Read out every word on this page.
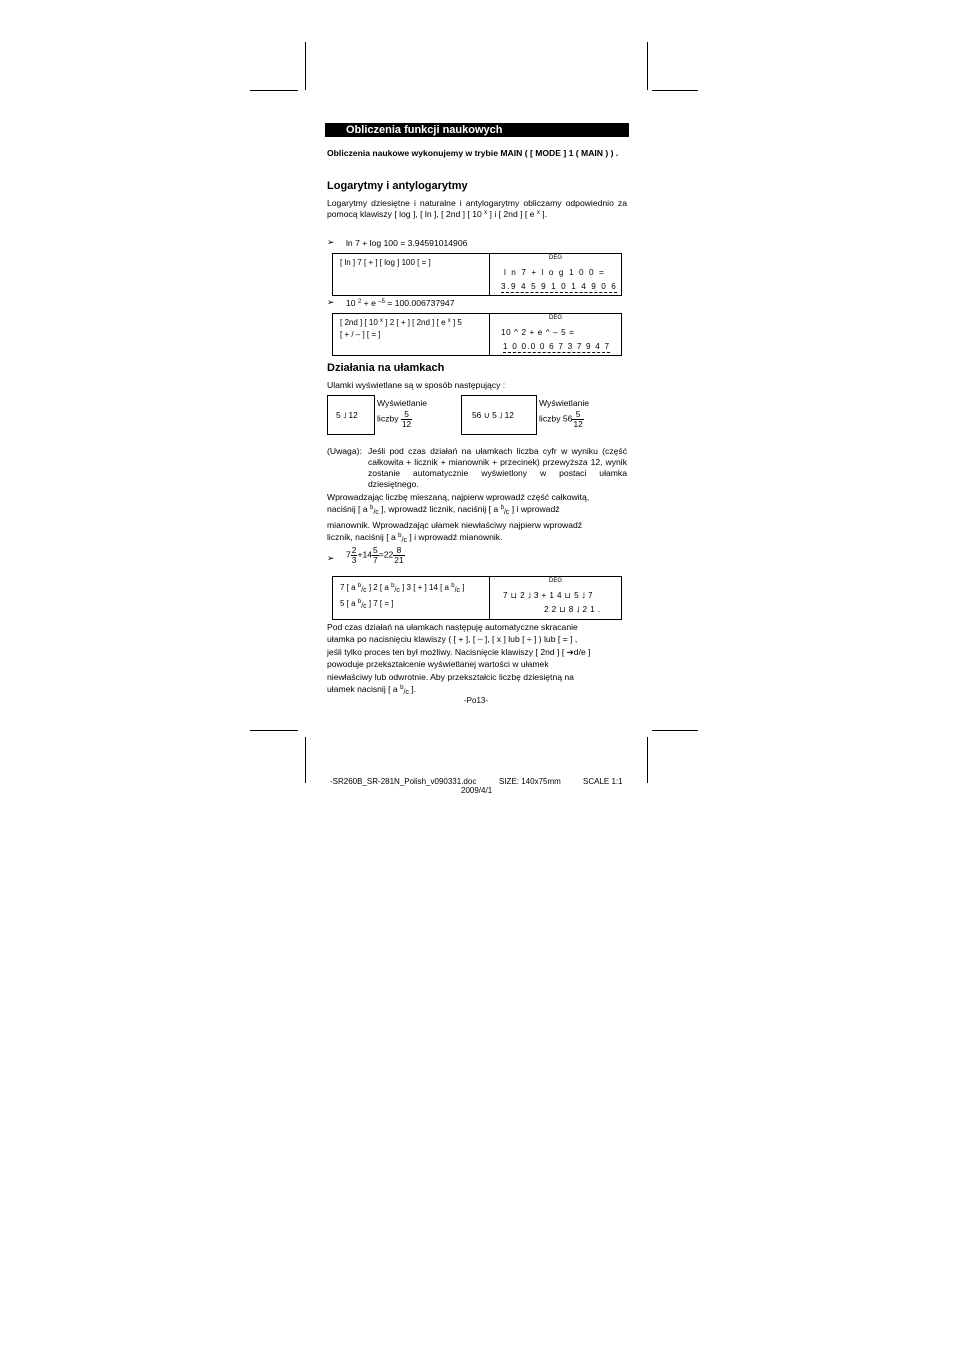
Obliczenia funkcji naukowych
Obliczenia naukowe wykonujemy w trybie MAIN ( [ MODE ] 1 ( MAIN ) ) .
Logarytmy i antylogarytmy
Logarytmy dziesiętne i naturalne i antylogarytmy obliczamy odpowiednio za pomocą klawiszy [ log ], [ ln ], [ 2nd ] [ 10 $^x$ ] i [ 2nd ] [ e $^x$ ].
➢ ln 7 + log 100 = 3.94591014906
[ ln ] 7 [ + ] [ log ] 100 [ = ]	DEG
l n 7 + l o g 1 0 0 =
3.9 4 5 9 1 0 1 4 9 0 6
➢ 10 $^2$ + e $^{-5}$ = 100.006737947
[ 2nd ] [ 10 $^x$ ] 2 [ + ] [ 2nd ] [ e $^x$ ] 5
[ + / – ] [ = ]
DEG
10 ^ 2 + e ^ – 5 =
1 0 0.0 0 6 7 3 7 9 4 7
Działania na ułamkach
Ulamki wyświetlane są w sposób następujący :
5 ˩ 12
Wyświetlanie
liczby $\frac{5}{12}$	56 ∪ 5 ˩ 12
Wyświetlanie
liczby $56 \frac{5}{12}$
(Uwaga): Jeśli pod czas działań na ułamkach liczba cyfr w wyniku (część całkowita + licznik + mianownik + przecinek) przewyższa 12, wynik zostanie automatycznie wyświetlony w postaci ułamka dziesiętnego.
Wprowadzając liczbę mieszaną, najpierw wprowadź część całkowitą,
naciśnij [ a $^b_{/c}$ ], wprowadź licznik, naciśnij [ a $^b_{/c}$ ] i wprowadź
mianownik. Wprowadzając ułamek niewłaściwy najpierw wprowadź
licznik, naciśnij [ a $^b_{/c}$ ] i wprowadź mianownik.
➢ $7 \frac{2}{3} +14 \frac{5}{7} =22 \frac{8}{21}$
7 [ a $^b$/c ] 2 [ a $^b$/c ] 3 [ + ] 14 [ a $^b$/c ]
5 [ a $^b$/c ] 7 [ = ]
DEG
7 ⊔ 2 ˩ 3 + 1 4 ⊔ 5 ˩ 7
2 2 ⊔ 8 ˩ 2 1 .
Pod czas działań na ułamkach następuję automatyczne skracanie
ułamka po nacisnięciu klawiszy ( [ + ], [ – ], [ x ] lub [ ÷ ] ) lub [ = ] ,
jeśli tylko proces ten był możliwy. Nacisnięcie klawiszy [ 2nd ] [ ➔d/e ]
powoduje przekształcenie wyświetlanej wartości w ułamek
niewłaściwy lub odwrotnie. Aby przekształcic liczbę dziesiętną na
ułamek nacisnij [ a $^b_{/c}$ ].
-Po13-
-SR260B_SR-281N_Polish_v090331.doc	SIZE: 140x75mm	SCALE 1:1
2009/4/1
